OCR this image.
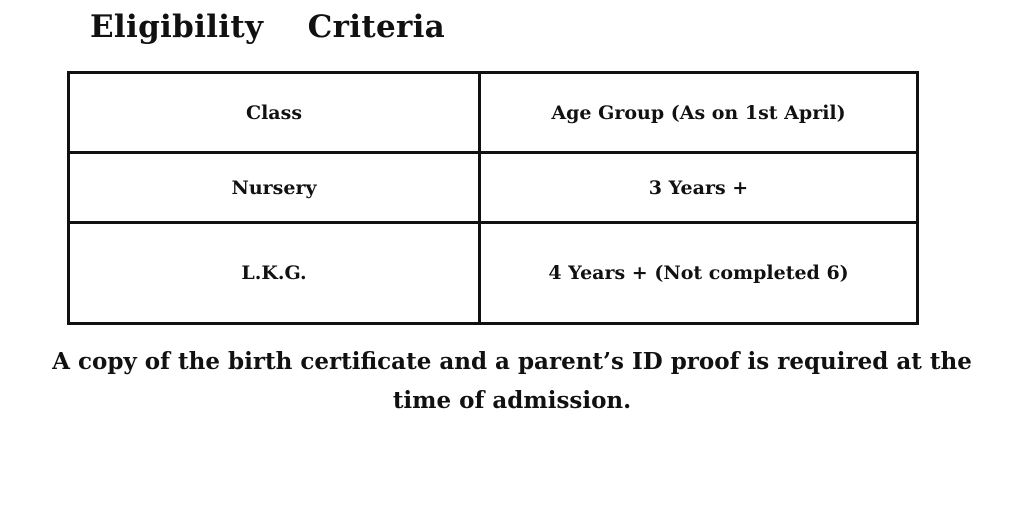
Eligibility    Criteria
Class	Age Group (As on 1st April)
Nursery	3 Years +
L.K.G.	4 Years + (Not completed 6)

A copy of the birth certificate and a parent’s ID proof is required at the time of admission.
